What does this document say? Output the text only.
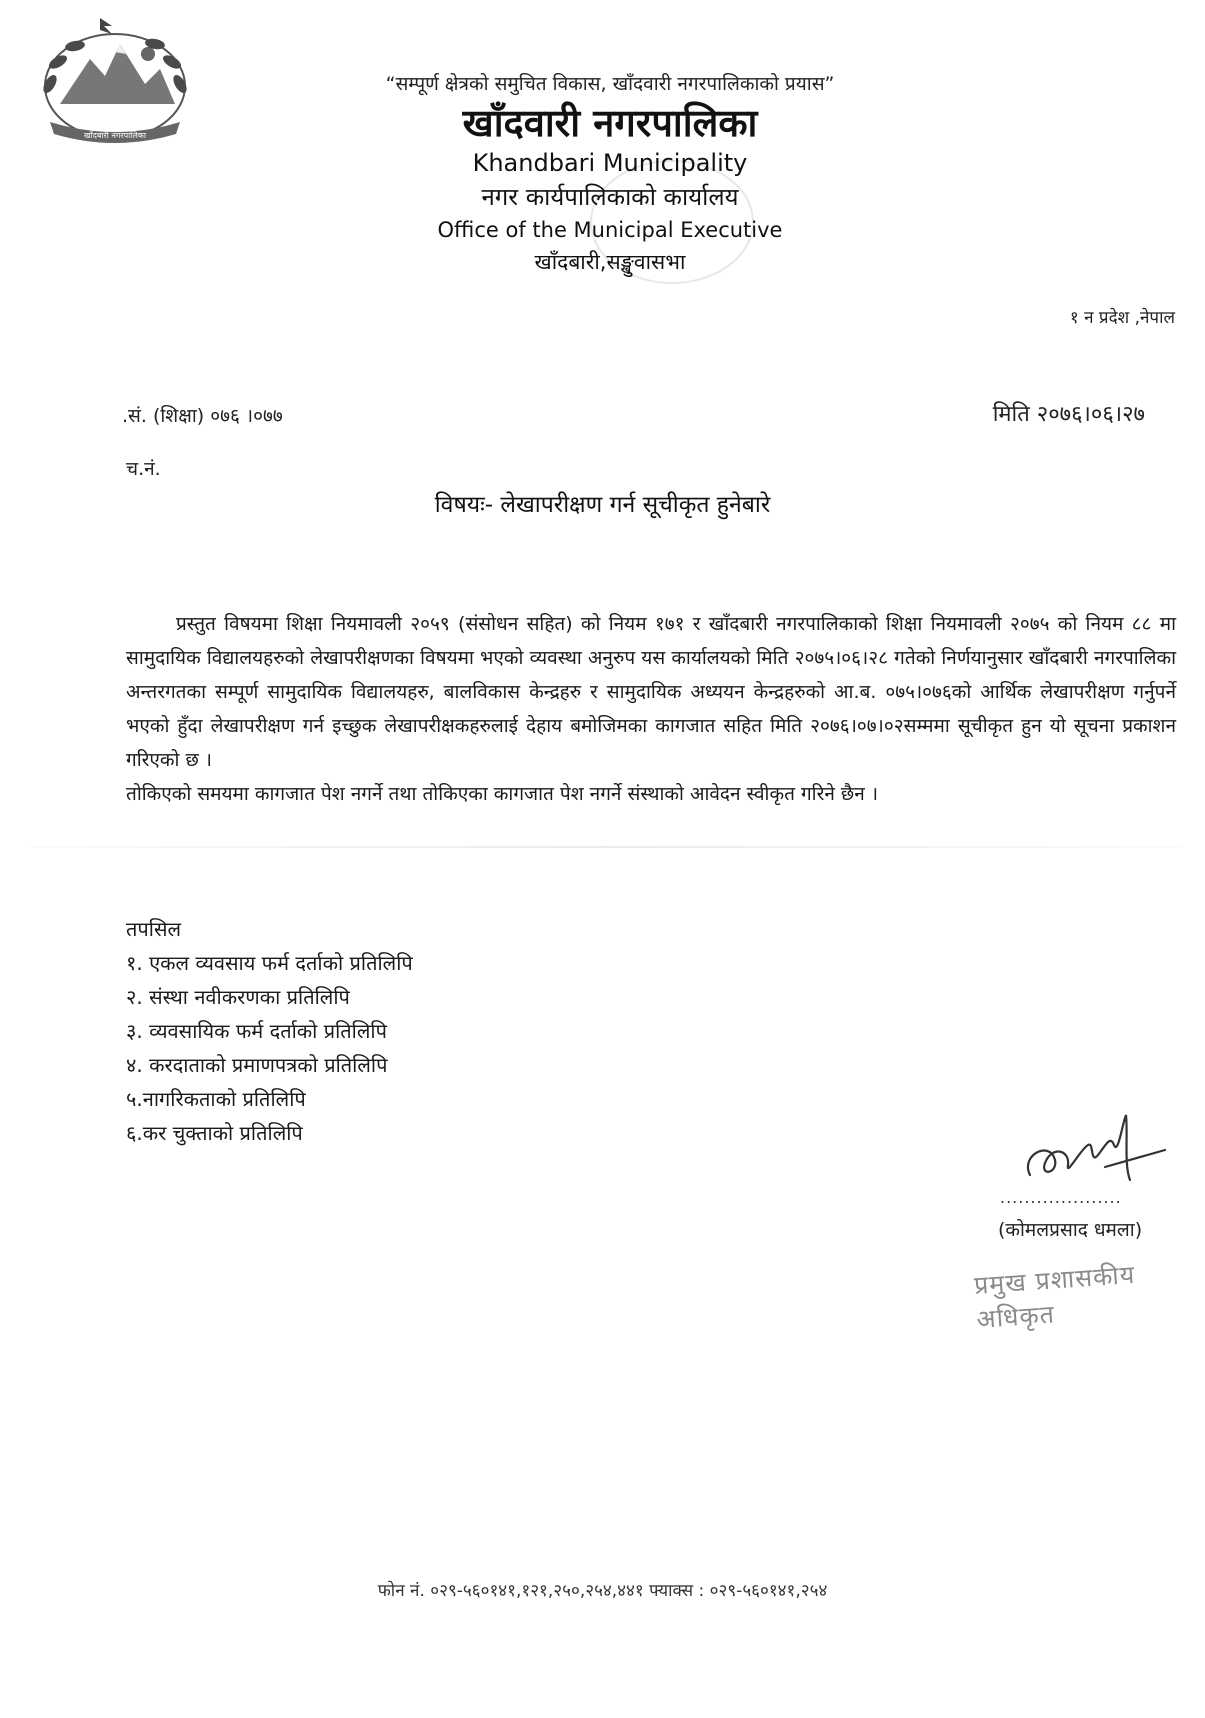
खाँदबारी नगरपालिका
“सम्पूर्ण क्षेत्रको समुचित विकास, खाँदवारी नगरपालिकाको प्रयास”
खाँदवारी नगरपालिका
Khandbari Municipality
नगर कार्यपालिकाको कार्यालय
Office of the Municipal Executive
खाँदबारी,सङ्खुवासभा
१ न प्रदेश ,नेपाल
.सं. (शिक्षा) ०७६ ।०७७	मिति २०७६।०६।२७
च.नं.
विषयः- लेखापरीक्षण गर्न सूचीकृत हुनेबारे

प्रस्तुत विषयमा शिक्षा नियमावली २०५९ (संसोधन सहित) को नियम १७१ र खाँदबारी नगरपालिकाको शिक्षा नियमावली २०७५ को नियम ८८ मा सामुदायिक विद्यालयहरुको लेखापरीक्षणका विषयमा भएको व्यवस्था अनुरुप यस कार्यालयको मिति २०७५।०६।२८ गतेको निर्णयानुसार खाँदबारी नगरपालिका अन्तरगतका सम्पूर्ण सामुदायिक विद्यालयहरु, बालविकास केन्द्रहरु र सामुदायिक अध्ययन केन्द्रहरुको आ.ब. ०७५।०७६को आर्थिक लेखापरीक्षण गर्नुपर्ने भएको हुँदा लेखापरीक्षण गर्न इच्छुक लेखापरीक्षकहरुलाई देहाय बमोजिमका कागजात सहित मिति २०७६।०७।०२सम्ममा सूचीकृत हुन यो सूचना प्रकाशन गरिएको छ ।

तोकिएको समयमा कागजात पेश नगर्ने तथा तोकिएका कागजात पेश नगर्ने संस्थाको आवेदन स्वीकृत गरिने छैन ।

तपसिल
१. एकल व्यवसाय फर्म दर्ताको प्रतिलिपि
२. संस्था नवीकरणका प्रतिलिपि
३. व्यवसायिक फर्म दर्ताको प्रतिलिपि
४. करदाताको प्रमाणपत्रको प्रतिलिपि
५.नागरिकताको प्रतिलिपि
६.कर चुक्ताको प्रतिलिपि
....................
(कोमलप्रसाद धमला)
प्रमुख प्रशासकीय अधिकृत
फोन नं. ०२९-५६०१४१,१२१,२५०,२५४,४४१ फ्याक्स : ०२९-५६०१४१,२५४
